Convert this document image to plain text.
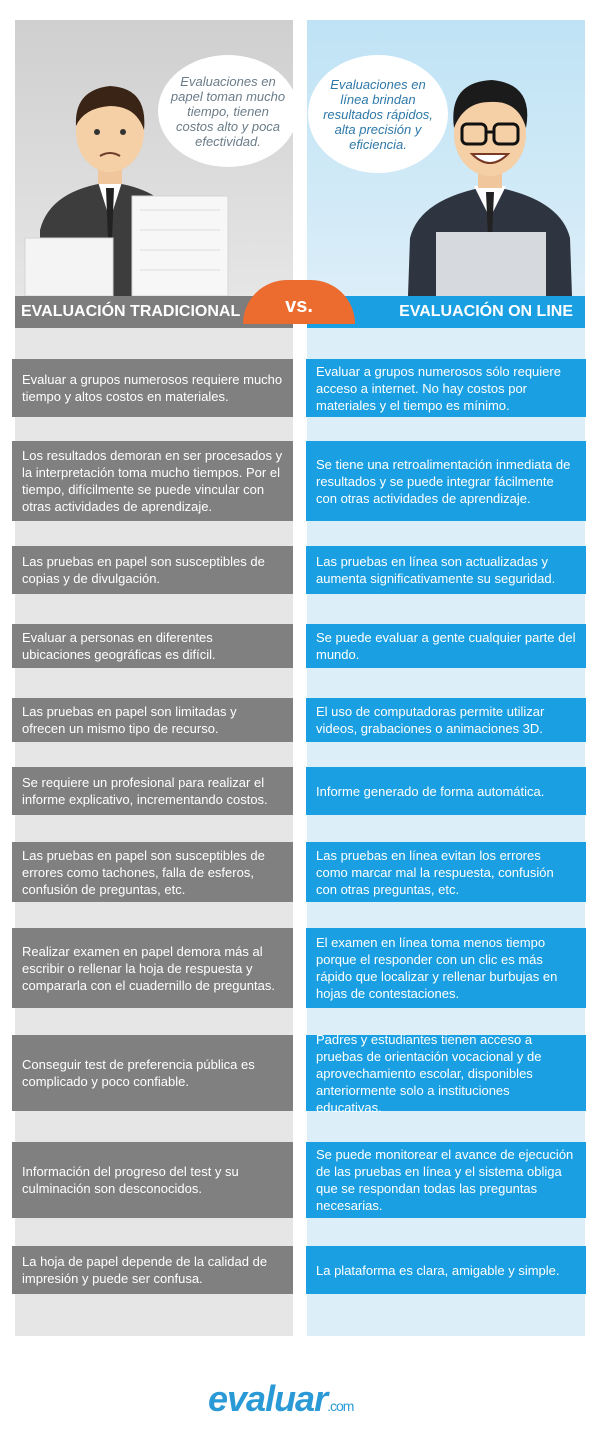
Evaluaciones en papel toman mucho tiempo, tienen costos alto y poca efectividad.
Evaluaciones en línea brindan resultados rápidos, alta precisión y eficiencia.
EVALUACIÓN TRADICIONAL	EVALUACIÓN ON LINE
vs.
Evaluar a grupos numerosos requiere mucho tiempo y altos costos en materiales.
Evaluar a grupos numerosos sólo requiere acceso a internet. No hay costos por materiales y el tiempo es mínimo.
Los resultados demoran en ser procesados y la interpretación toma mucho tiempos. Por el tiempo, difícilmente se puede vincular con otras actividades de aprendizaje.
Se tiene una retroalimentación inmediata de resultados y se puede integrar fácilmente con otras actividades de aprendizaje.
Las pruebas en papel son susceptibles de copias y de divulgación.
Las pruebas en línea son actualizadas y aumenta significativamente su seguridad.
Evaluar a personas en diferentes ubicaciones geográficas es difícil.
Se puede evaluar a gente cualquier parte del mundo.
Las pruebas en papel son limitadas y ofrecen un mismo tipo de recurso.
El uso de computadoras permite utilizar videos, grabaciones o animaciones 3D.
Se requiere un profesional para realizar el informe explicativo, incrementando costos.
Informe generado de forma automática.
Las pruebas en papel son susceptibles de errores como tachones, falla de esferos, confusión de preguntas, etc.
Las pruebas en línea evitan los errores como marcar mal la respuesta, confusión con otras preguntas, etc.
Realizar examen en papel demora más al escribir o rellenar la hoja de respuesta y compararla con el cuadernillo de preguntas.
El examen en línea toma menos tiempo porque el responder con un clic es más rápido que localizar y rellenar burbujas en hojas de contestaciones.
Conseguir test de preferencia pública es complicado y poco confiable.
Padres y estudiantes tienen acceso a pruebas de orientación vocacional y de aprovechamiento escolar, disponibles anteriormente solo a instituciones educativas.
Información del progreso del test y su culminación son desconocidos.
Se puede monitorear el avance de ejecución de las pruebas en línea y el sistema obliga que se respondan todas las preguntas necesarias.
La hoja de papel depende de la calidad de impresión y puede ser confusa.
La plataforma es clara, amigable y simple.
evaluar.com
